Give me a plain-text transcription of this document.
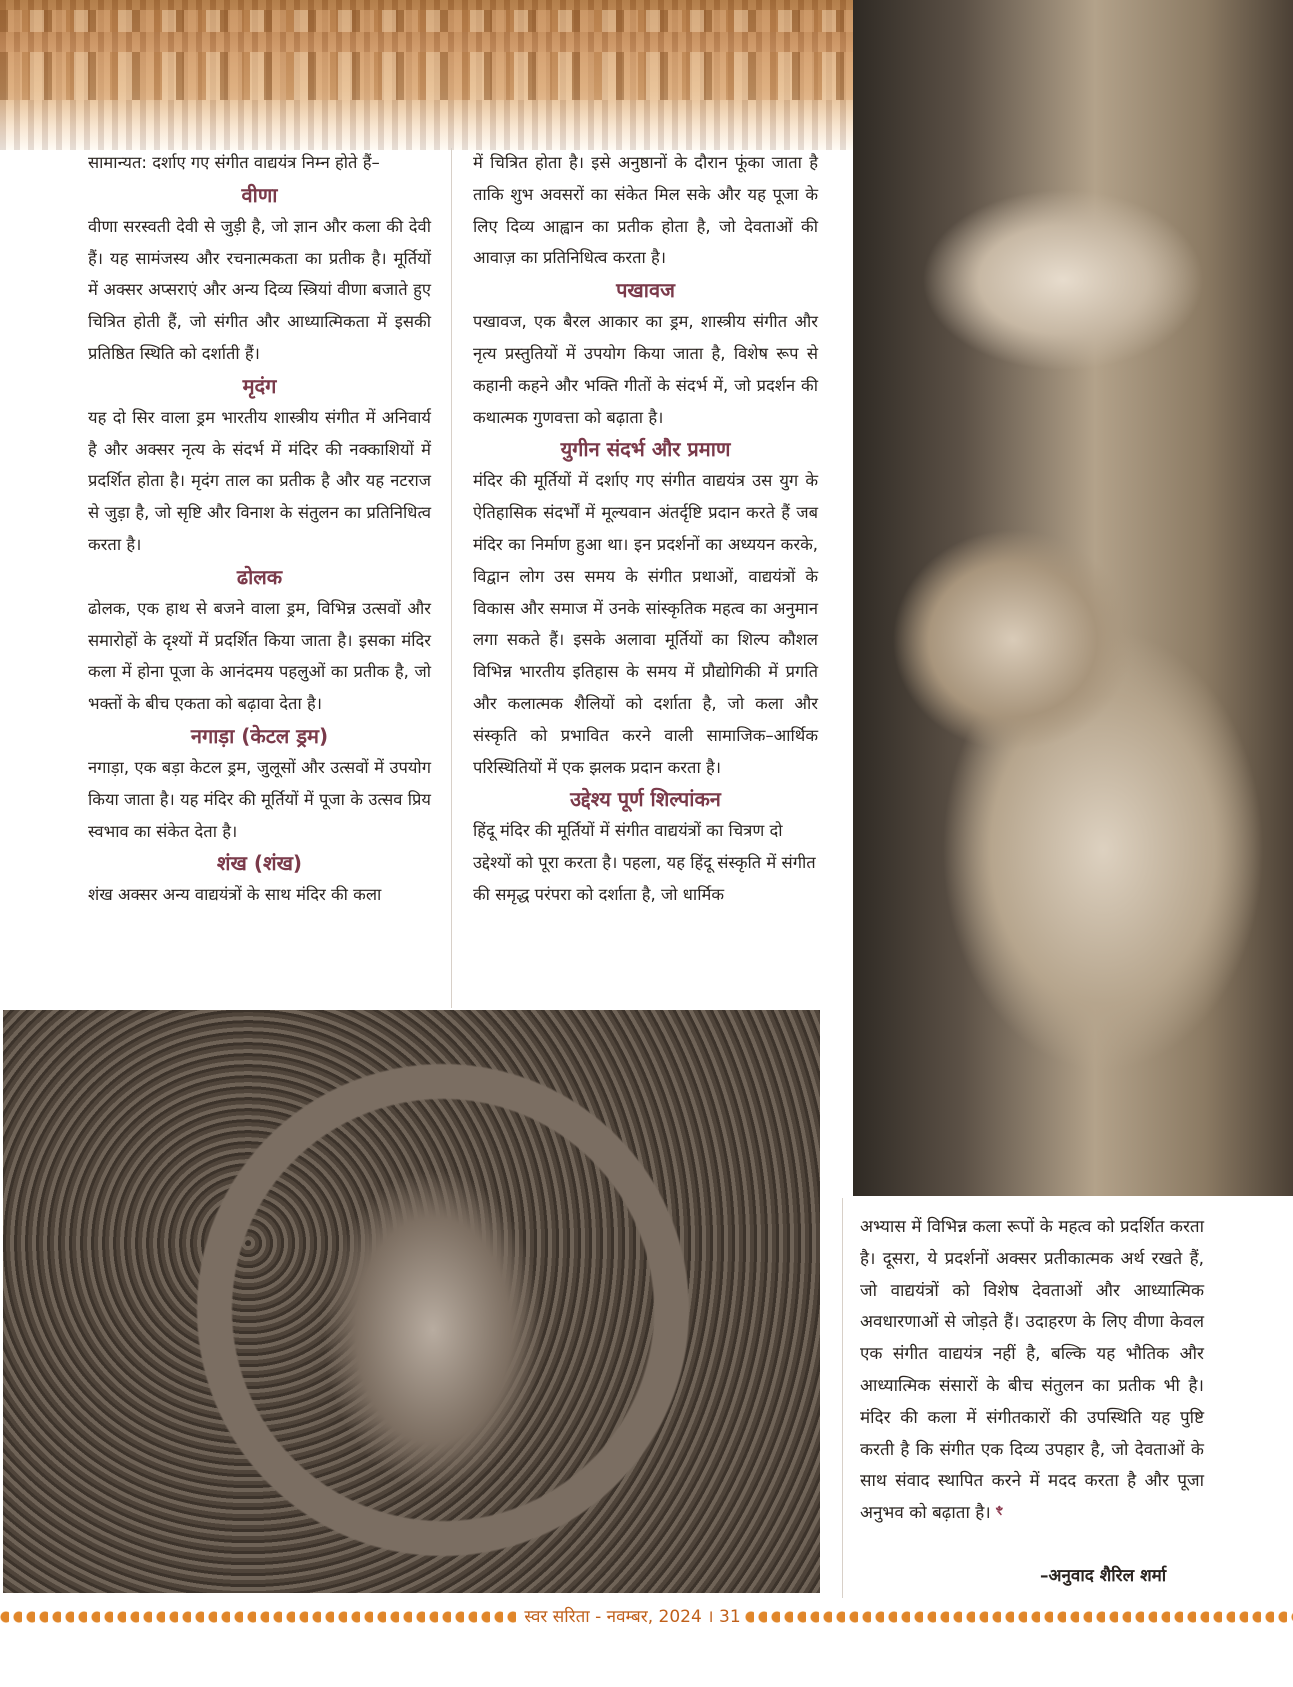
सामान्यत: दर्शाए गए संगीत वाद्ययंत्र निम्न होते हैं–

वीणा

वीणा सरस्वती देवी से जुड़ी है, जो ज्ञान और कला की देवी हैं। यह सामंजस्य और रचनात्मकता का प्रतीक है। मूर्तियों में अक्सर अप्सराएं और अन्य दिव्य स्त्रियां वीणा बजाते हुए चित्रित होती हैं, जो संगीत और आध्यात्मिकता में इसकी प्रतिष्ठित स्थिति को दर्शाती हैं।

मृदंग

यह दो सिर वाला ड्रम भारतीय शास्त्रीय संगीत में अनिवार्य है और अक्सर नृत्य के संदर्भ में मंदिर की नक्काशियों में प्रदर्शित होता है। मृदंग ताल का प्रतीक है और यह नटराज से जुड़ा है, जो सृष्टि और विनाश के संतुलन का प्रतिनिधित्व करता है।

ढोलक

ढोलक, एक हाथ से बजने वाला ड्रम, विभिन्न उत्सवों और समारोहों के दृश्यों में प्रदर्शित किया जाता है। इसका मंदिर कला में होना पूजा के आनंदमय पहलुओं का प्रतीक है, जो भक्तों के बीच एकता को बढ़ावा देता है।

नगाड़ा (केटल ड्रम)

नगाड़ा, एक बड़ा केटल ड्रम, जुलूसों और उत्सवों में उपयोग किया जाता है। यह मंदिर की मूर्तियों में पूजा के उत्सव प्रिय स्वभाव का संकेत देता है।

शंख (शंख)

शंख अक्सर अन्य वाद्ययंत्रों के साथ मंदिर की कला

में चित्रित होता है। इसे अनुष्ठानों के दौरान फूंका जाता है ताकि शुभ अवसरों का संकेत मिल सके और यह पूजा के लिए दिव्य आह्वान का प्रतीक होता है, जो देवताओं की आवाज़ का प्रतिनिधित्व करता है।

पखावज

पखावज, एक बैरल आकार का ड्रम, शास्त्रीय संगीत और नृत्य प्रस्तुतियों में उपयोग किया जाता है, विशेष रूप से कहानी कहने और भक्ति गीतों के संदर्भ में, जो प्रदर्शन की कथात्मक गुणवत्ता को बढ़ाता है।

युगीन संदर्भ और प्रमाण

मंदिर की मूर्तियों में दर्शाए गए संगीत वाद्ययंत्र उस युग के ऐतिहासिक संदर्भों में मूल्यवान अंतर्दृष्टि प्रदान करते हैं जब मंदिर का निर्माण हुआ था। इन प्रदर्शनों का अध्ययन करके, विद्वान लोग उस समय के संगीत प्रथाओं, वाद्ययंत्रों के विकास और समाज में उनके सांस्कृतिक महत्व का अनुमान लगा सकते हैं। इसके अलावा मूर्तियों का शिल्प कौशल विभिन्न भारतीय इतिहास के समय में प्रौद्योगिकी में प्रगति और कलात्मक शैलियों को दर्शाता है, जो कला और संस्कृति को प्रभावित करने वाली सामाजिक–आर्थिक परिस्थितियों में एक झलक प्रदान करता है।

उद्देश्य पूर्ण शिल्पांकन

हिंदू मंदिर की मूर्तियों में संगीत वाद्ययंत्रों का चित्रण दो उद्देश्यों को पूरा करता है। पहला, यह हिंदू संस्कृति में संगीत की समृद्ध परंपरा को दर्शाता है, जो धार्मिक

अभ्यास में विभिन्न कला रूपों के महत्व को प्रदर्शित करता है। दूसरा, ये प्रदर्शनों अक्सर प्रतीकात्मक अर्थ रखते हैं, जो वाद्ययंत्रों को विशेष देवताओं और आध्यात्मिक अवधारणाओं से जोड़ते हैं। उदाहरण के लिए वीणा केवल एक संगीत वाद्ययंत्र नहीं है, बल्कि यह भौतिक और आध्यात्मिक संसारों के बीच संतुलन का प्रतीक भी है। मंदिर की कला में संगीतकारों की उपस्थिति यह पुष्टि करती है कि संगीत एक दिव्य उपहार है, जो देवताओं के साथ संवाद स्थापित करने में मदद करता है और पूजा अनुभव को बढ़ाता है। ꣳ

–अनुवाद शैरिल शर्मा
स्वर सरिता - नवम्बर, 2024 । 31
